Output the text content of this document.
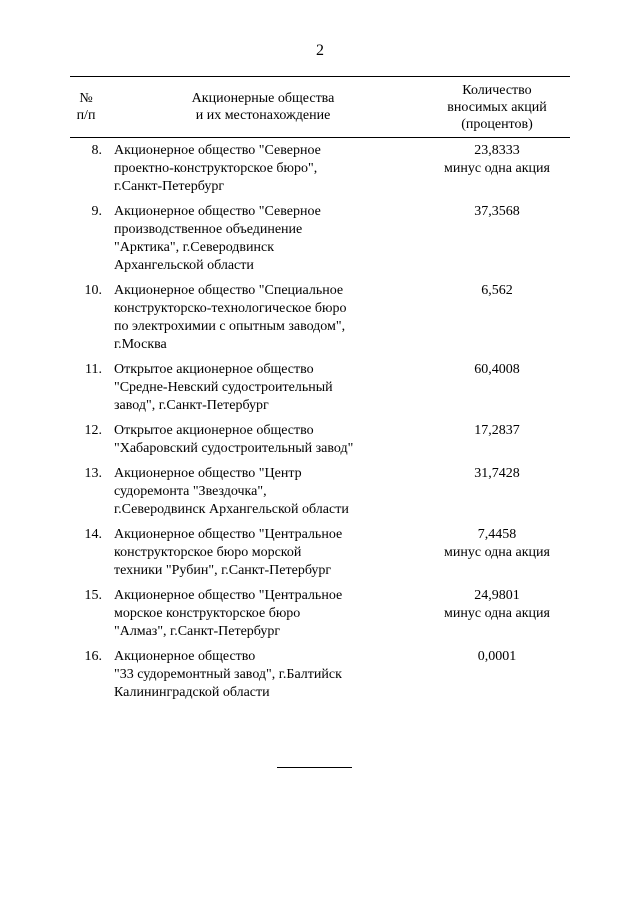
2
№
п/п
Акционерные общества
и их местонахождение
Количество
вносимых акций
(процентов)
8. Акционерное общество "Северное
проектно-конструкторское бюро",
г.Санкт-Петербург
23,8333
минус одна акция
9. Акционерное общество "Северное
производственное объединение
"Арктика", г.Северодвинск
Архангельской области
37,3568
10. Акционерное общество "Специальное
конструкторско-технологическое бюро
по электрохимии с опытным заводом",
г.Москва
6,562
11. Открытое акционерное общество
"Средне-Невский судостроительный
завод", г.Санкт-Петербург
60,4008
12. Открытое акционерное общество
"Хабаровский судостроительный завод"
17,2837
13. Акционерное общество "Центр
судоремонта "Звездочка",
г.Северодвинск Архангельской области
31,7428
14. Акционерное общество "Центральное
конструкторское бюро морской
техники "Рубин", г.Санкт-Петербург
7,4458
минус одна акция
15. Акционерное общество "Центральное
морское конструкторское бюро
"Алмаз", г.Санкт-Петербург
24,9801
минус одна акция
16. Акционерное общество
"33 судоремонтный завод", г.Балтийск
Калининградской области
0,0001
